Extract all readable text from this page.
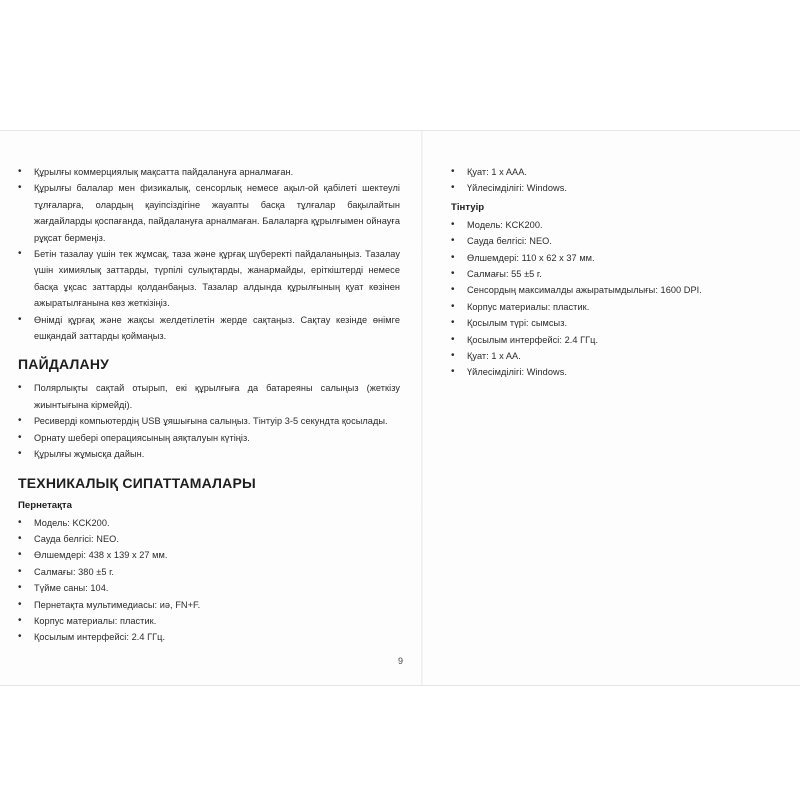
• Құрылғы коммерциялық мақсатта пайдалануға арналмаған.
• Құрылғы балалар мен физикалық, сенсорлық немесе ақыл-ой қабілеті шектеулі тұлғаларға, олардың қауіпсіздігіне жауапты басқа тұлғалар бақылайтын жағдайларды қоспағанда, пайдалануға арналмаған. Балаларға құрылғымен ойнауға рұқсат бермеңіз.
• Бетін тазалау үшін тек жұмсақ, таза және құрғақ шүберекті пайдаланыңыз. Тазалау үшін химиялық заттарды, түрпілі сулықтарды, жанармайды, еріткіштерді немесе басқа ұқсас заттарды қолданбаңыз. Тазалар алдында құрылғының қуат көзінен ажыратылғанына көз жеткізіңіз.
• Өнімді құрғақ және жақсы желдетілетін жерде сақтаңыз. Сақтау кезінде өнімге ешқандай заттарды қоймаңыз.
ПАЙДАЛАНУ
• Полярлықты сақтай отырып, екі құрылғыға да батареяны салыңыз (жеткізу жиынтығына кірмейді).
• Ресиверді компьютердің USB ұяшығына салыңыз. Тінтуір 3-5 секундта қосылады.
• Орнату шебері операциясының аяқталуын күтіңіз.
• Құрылғы жұмысқа дайын.
ТЕХНИКАЛЫҚ СИПАТТАМАЛАРЫ
Пернетақта
• Модель: KCK200.
• Сауда белгісі: NEO.
• Өлшемдері: 438 x 139 x 27 мм.
• Салмағы: 380 ±5 г.
• Түйме саны: 104.
• Пернетақта мультимедиасы: иә, FN+F.
• Корпус материалы: пластик.
• Қосылым интерфейсі: 2.4 ГГц.
9
• Қуат: 1 x AAA.
• Үйлесімділігі: Windows.
Тінтуір
• Модель: KCK200.
• Сауда белгісі: NEO.
• Өлшемдері: 110 x 62 x 37 мм.
• Салмағы: 55 ±5 г.
• Сенсордың максималды ажыратымдылығы: 1600 DPI.
• Корпус материалы: пластик.
• Қосылым түрі: сымсыз.
• Қосылым интерфейсі: 2.4 ГГц.
• Қуат: 1 x AA.
• Үйлесімділігі: Windows.
